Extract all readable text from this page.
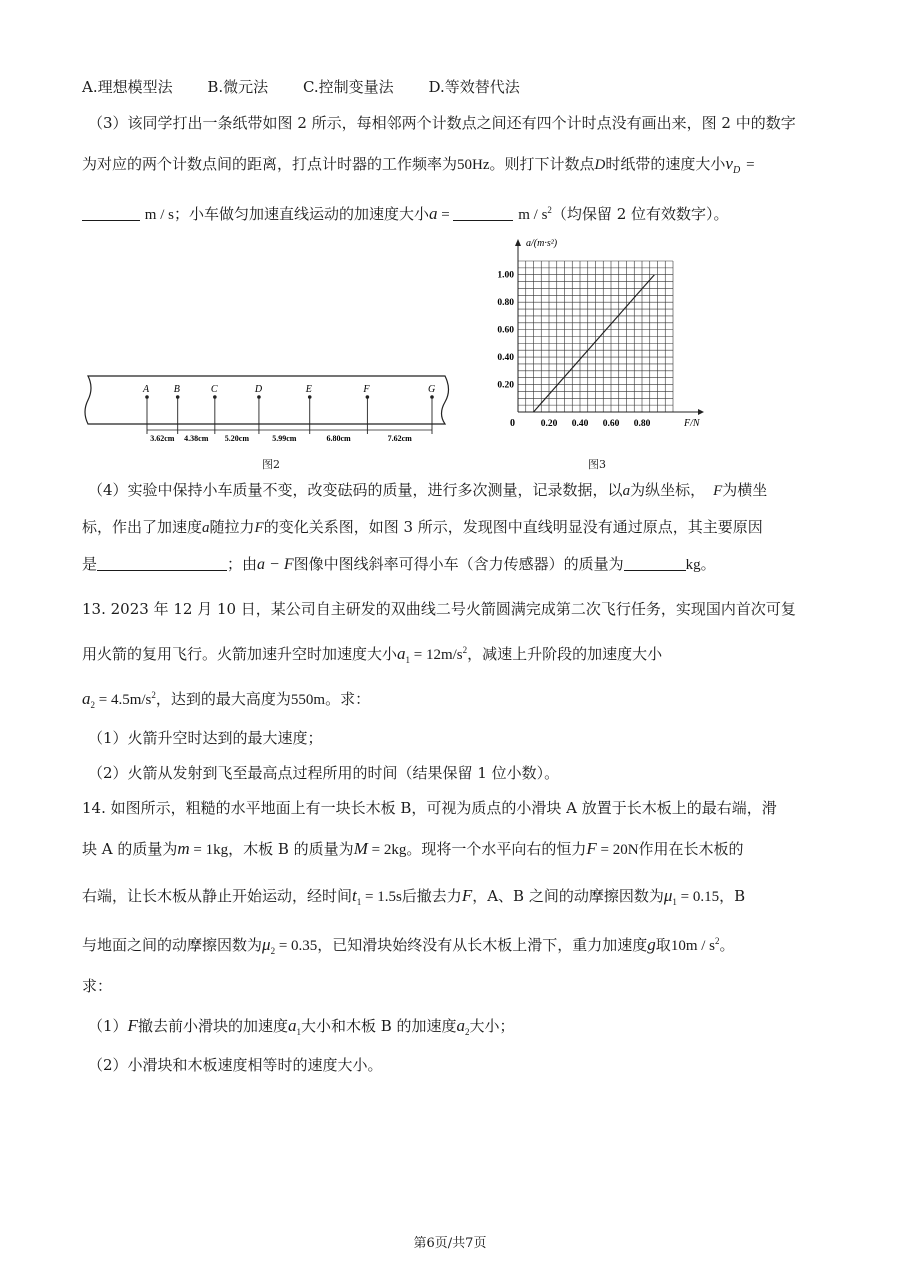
A.理想模型法 B.微元法 C.控制变量法 D.等效替代法
（3）该同学打出一条纸带如图 2 所示，每相邻两个计数点之间还有四个计时点没有画出来，图 2 中的数字
为对应的两个计数点间的距离，打点计时器的工作频率为50Hz。则打下计数点D时纸带的速度大小$v_D$ =
m / s；小车做匀加速直线运动的加速度大小a =	m / $s^2$（均保留 2 位有效数字）。
A B	C	D	E	F	G
3.62cm 4.38cm 5.20cm	5.99cm	6.80cm	7.62cm
图2
a/(m·s²)
F/N
0
1.00
0.80
0.60
0.40
0.20
0.20 0.40 0.60 0.80
图3
（4）实验中保持小车质量不变，改变砝码的质量，进行多次测量，记录数据，以a为纵坐标， F为横坐
标，作出了加速度a随拉力F的变化关系图，如图 3 所示，发现图中直线明显没有通过原点，其主要原因
是	；由a − F图像中图线斜率可得小车（含力传感器）的质量为	kg。
13. 2023 年 12 月 10 日，某公司自主研发的双曲线二号火箭圆满完成第二次飞行任务，实现国内首次可复
用火箭的复用飞行。火箭加速升空时加速度大小$a_1 = 12m/s^2$，减速上升阶段的加速度大小
$a_2 = 4.5m/s^2$，达到的最大高度为550m。求：
（1）火箭升空时达到的最大速度；
（2）火箭从发射到飞至最高点过程所用的时间（结果保留 1 位小数）。
14. 如图所示，粗糙的水平地面上有一块长木板 B，可视为质点的小滑块 A 放置于长木板上的最右端，滑
块 A 的质量为m = 1kg，木板 B 的质量为M = 2kg。现将一个水平向右的恒力F = 20N作用在长木板的
右端，让长木板从静止开始运动，经时间$t_1 = 1.5s$后撤去力F，A、B 之间的动摩擦因数为$\mu_1 = 0.15$，B
与地面之间的动摩擦因数为$\mu_2 = 0.35$，已知滑块始终没有从长木板上滑下，重力加速度g取$10m / s^2$。
求：
（1）F撤去前小滑块的加速度$a_1$大小和木板 B 的加速度$a_2$大小；
（2）小滑块和木板速度相等时的速度大小。
第6页/共7页
